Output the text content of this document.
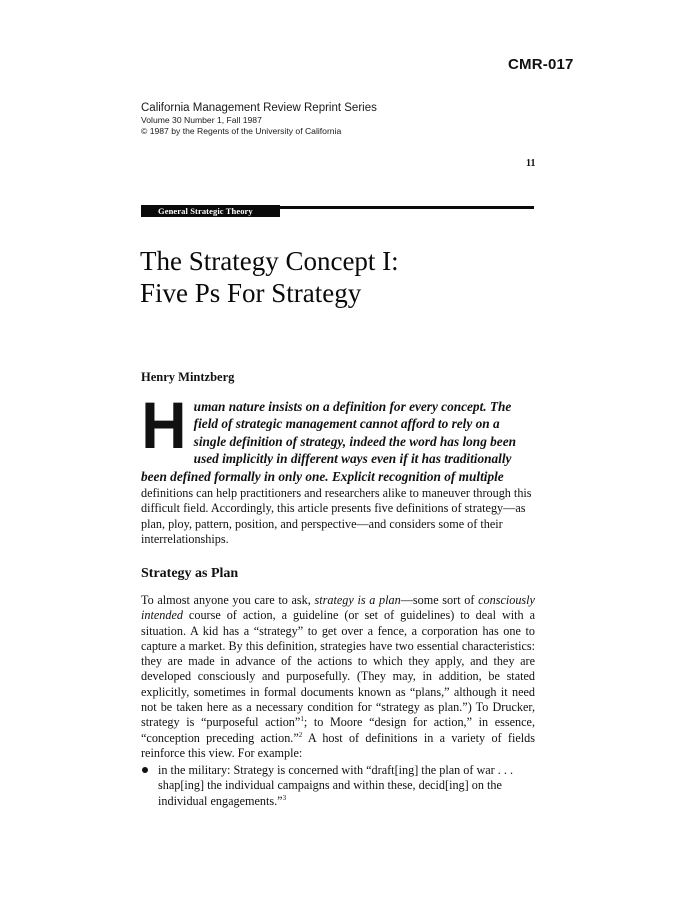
CMR-017
California Management Review Reprint Series
Volume 30 Number 1, Fall 1987
© 1987 by the Regents of the University of California
11
General Strategic Theory
The Strategy Concept I:
Five Ps For Strategy
Henry Mintzberg
H uman nature insists on a definition for every concept. The field of strategic management cannot afford to rely on a single definition of strategy, indeed the word has long been used implicitly in different ways even if it has traditionally been defined formally in only one. Explicit recognition of multiple
definitions can help practitioners and researchers alike to maneuver through this difficult field. Accordingly, this article presents five definitions of strategy—as plan, ploy, pattern, position, and perspective—and considers some of their interrelationships.
Strategy as Plan
To almost anyone you care to ask, strategy is a plan—some sort of consciously intended course of action, a guideline (or set of guidelines) to deal with a situation. A kid has a “strategy” to get over a fence, a corporation has one to capture a market. By this definition, strategies have two essential characteristics: they are made in advance of the actions to which they apply, and they are developed consciously and purposefully. (They may, in addition, be stated explicitly, sometimes in formal documents known as “plans,” although it need not be taken here as a necessary condition for “strategy as plan.”) To Drucker, strategy is “purposeful action”$^1$; to Moore “design for action,” in essence, “conception preceding action.”$^2$ A host of definitions in a variety of fields reinforce this view. For example:
in the military: Strategy is concerned with “draft[ing] the plan of war . . . shap[ing] the individual campaigns and within these, decid[ing] on the individual engagements.”$^3$
